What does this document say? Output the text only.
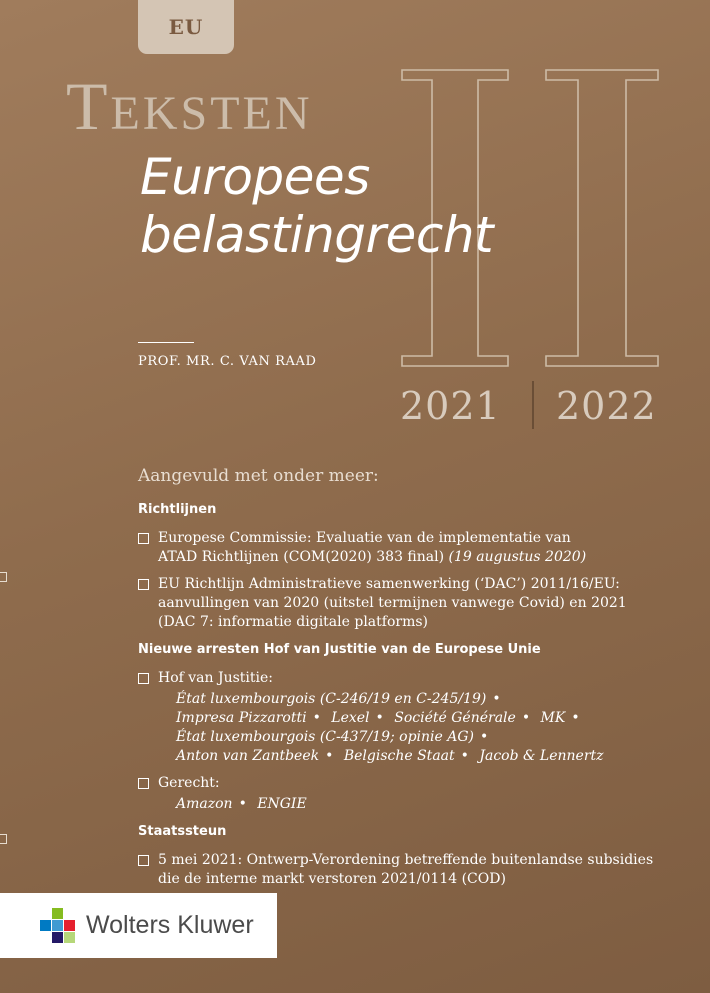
EU
Teksten
Europees
belastingrecht
PROF. MR. C. VAN RAAD
2021 2022
Aangevuld met onder meer:
Richtlijnen
Europese Commissie: Evaluatie van de implementatie van
ATAD Richtlijnen (COM(2020) 383 final) (19 augustus 2020)
EU Richtlijn Administratieve samenwerking (‘DAC’) 2011/16/EU:
aanvullingen van 2020 (uitstel termijnen vanwege Covid) en 2021
(DAC 7: informatie digitale platforms)
Nieuwe arresten Hof van Justitie van de Europese Unie
Hof van Justitie:
État luxembourgois (C-246/19 en C-245/19) • Impresa Pizzarotti • Lexel • Société Générale • MK • État luxembourgois (C-437/19; opinie AG) • Anton van Zantbeek • Belgische Staat • Jacob & Lennertz
Gerecht:
Amazon • ENGIE
Staatssteun
5 mei 2021: Ontwerp-Verordening betreffende buitenlandse subsidies
die de interne markt verstoren 2021/0114 (COD)
Wolters Kluwer
